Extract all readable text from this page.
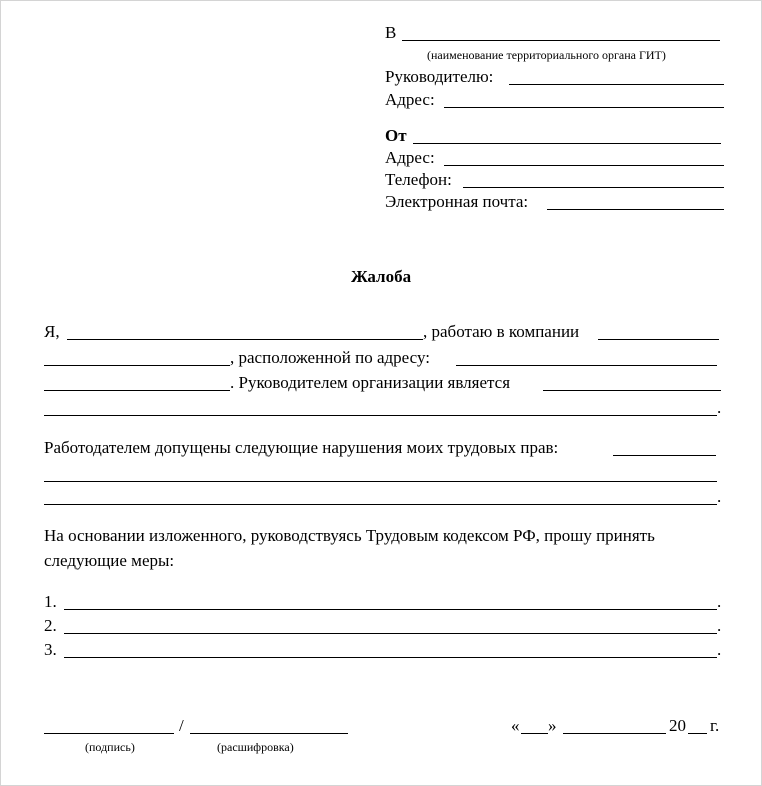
В
(наименование территориального органа ГИТ)
Руководителю:
Адрес:
От
Адрес:
Телефон:
Электронная почта:
Жалоба
Я,	, работаю в компании
, расположенной по адресу:
. Руководителем организации является
.
Работодателем допущены следующие нарушения моих трудовых прав:
.
На основании изложенного, руководствуясь Трудовым кодексом РФ, прошу принять
следующие меры:
1.	.
2.	.
3.	.
/
(подпись)	(расшифровка)
« »	20 г.
